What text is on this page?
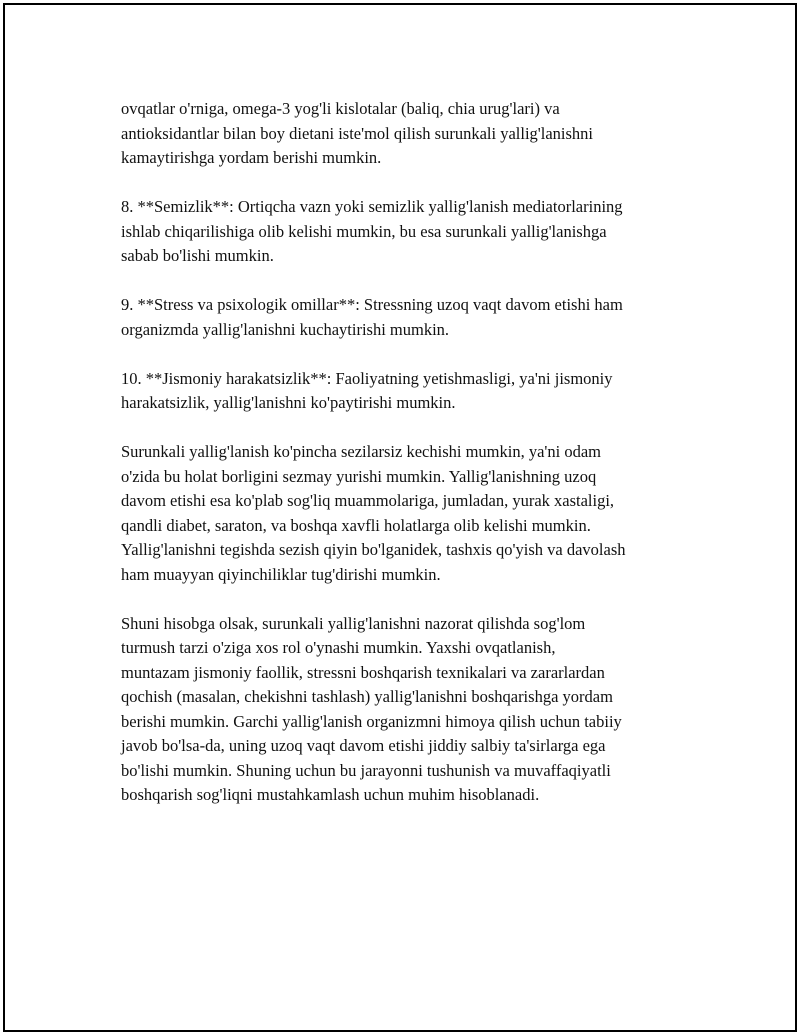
ovqatlar o'rniga, omega-3 yog'li kislotalar (baliq, chia urug'lari) va
antioksidantlar bilan boy dietani iste'mol qilish surunkali yallig'lanishni
kamaytirishga yordam berishi mumkin.

8. **Semizlik**: Ortiqcha vazn yoki semizlik yallig'lanish mediatorlarining
ishlab chiqarilishiga olib kelishi mumkin, bu esa surunkali yallig'lanishga
sabab bo'lishi mumkin.

9. **Stress va psixologik omillar**: Stressning uzoq vaqt davom etishi ham
organizmda yallig'lanishni kuchaytirishi mumkin.

10. **Jismoniy harakatsizlik**: Faoliyatning yetishmasligi, ya'ni jismoniy
harakatsizlik, yallig'lanishni ko'paytirishi mumkin.

Surunkali yallig'lanish ko'pincha sezilarsiz kechishi mumkin, ya'ni odam
o'zida bu holat borligini sezmay yurishi mumkin. Yallig'lanishning uzoq
davom etishi esa ko'plab sog'liq muammolariga, jumladan, yurak xastaligi,
qandli diabet, saraton, va boshqa xavfli holatlarga olib kelishi mumkin.
Yallig'lanishni tegishda sezish qiyin bo'lganidek, tashxis qo'yish va davolash
ham muayyan qiyinchiliklar tug'dirishi mumkin.

Shuni hisobga olsak, surunkali yallig'lanishni nazorat qilishda sog'lom
turmush tarzi o'ziga xos rol o'ynashi mumkin. Yaxshi ovqatlanish,
muntazam jismoniy faollik, stressni boshqarish texnikalari va zararlardan
qochish (masalan, chekishni tashlash) yallig'lanishni boshqarishga yordam
berishi mumkin. Garchi yallig'lanish organizmni himoya qilish uchun tabiiy
javob bo'lsa-da, uning uzoq vaqt davom etishi jiddiy salbiy ta'sirlarga ega
bo'lishi mumkin. Shuning uchun bu jarayonni tushunish va muvaffaqiyatli
boshqarish sog'liqni mustahkamlash uchun muhim hisoblanadi.
